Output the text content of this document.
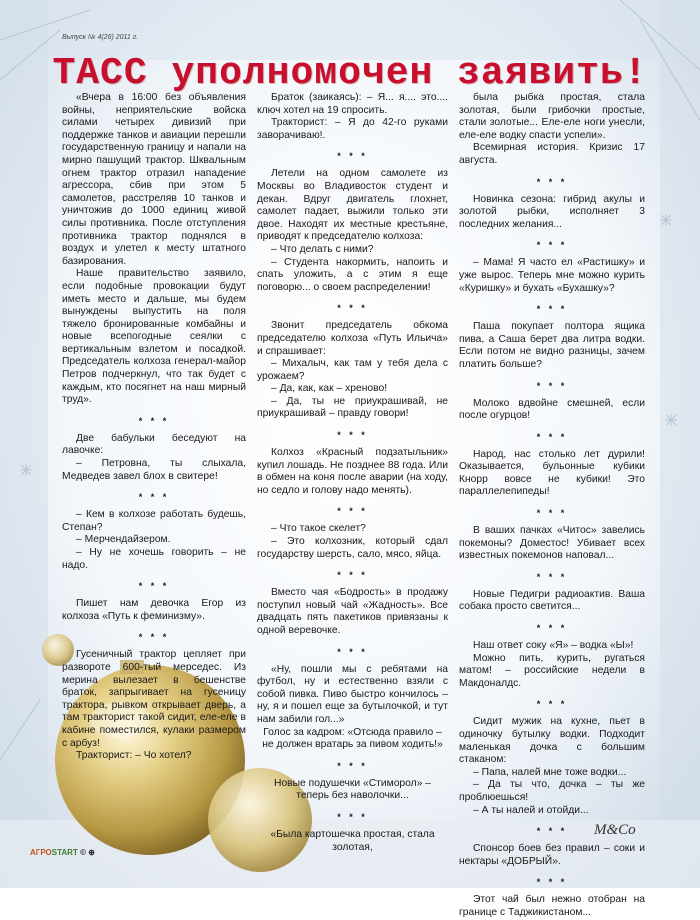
Выпуск № 4(26) 2011 г.
ТАСС уполномочен заявить!

«Вчера в 16:00 без объявления войны, неприятельские войска силами четырех дивизий при поддержке танков и авиации перешли государственную границу и напали на мирно пашущий трактор. Шквальным огнем трактор отразил нападение агрессора, сбив при этом 5 самолетов, расстреляв 10 танков и уничтожив до 1000 единиц живой силы противника. После отступления противника трактор поднялся в воздух и улетел к месту штатного базирования.

Наше правительство заявило, если подобные провокации будут иметь место и дальше, мы будем вынуждены выпустить на поля тяжело бронированные комбайны и новые всепогодные сеялки с вертикальным взлетом и посадкой. Председатель колхоза генерал-майор Петров подчеркнул, что так будет с каждым, кто посягнет на наш мирный труд».

* * *

Две бабульки беседуют на лавочке:

– Петровна, ты слыхала, Медведев завел блох в свитере!

* * *

– Кем в колхозе работать будешь, Степан?

– Мерчендайзером.

– Ну не хочешь говорить – не надо.

* * *

Пишет нам девочка Егор из колхоза «Путь к феминизму».

* * *

Гусеничный трактор цепляет при развороте 600-тый мерседес. Из мерина вылезает в бешенстве браток, запрыгивает на гусеницу трактора, рывком открывает дверь, а там тракторист такой сидит, еле-еле в кабине поместился, кулаки размером с арбуз!

Тракторист: – Чо хотел?

Браток (заикаясь): – Я... я.... это.... ключ хотел на 19 спросить.

Тракторист: – Я до 42-го руками заворачиваю!.

* * *

Летели на одном самолете из Москвы во Владивосток студент и декан. Вдруг двигатель глохнет, самолет падает, выжили только эти двое. Находят их местные крестьяне, приводят к председателю колхоза:

– Что делать с ними?

– Студента накормить, напоить и спать уложить, а с этим я еще поговорю... о своем распределении!

* * *

Звонит председатель обкома председателю колхоза «Путь Ильича» и спрашивает:

– Михалыч, как там у тебя дела с урожаем?

– Да, как, как – хреново!

– Да, ты не приукрашивай, не приукрашивай – правду говори!

* * *

Колхоз «Красный подзатыльник» купил лошадь. Не позднее 88 года. Или в обмен на коня после аварии (на ходу, но седло и голову надо менять).

* * *

– Что такое скелет?

– Это колхозник, который сдал государству шерсть, сало, мясо, яйца.

* * *

Вместо чая «Бодрость» в продажу поступил новый чай «Жадность». Все двадцать пять пакетиков привязаны к одной веревочке.

* * *

«Ну, пошли мы с ребятами на футбол, ну и естественно взяли с собой пивка. Пиво быстро кончилось – ну, я и пошел еще за бутылочкой, и тут нам забили гол...»

Голос за кадром: «Отсюда правило – не должен вратарь за пивом ходить!»

* * *

Новые подушечки «Стиморол» – теперь без наволочки...

* * *

«Была картошечка простая, стала золотая,

была рыбка простая, стала золотая, были грибочки простые, стали золотые... Еле-еле ноги унесли, еле-еле водку спасти успели».

Всемирная история. Кризис 17 августа.

* * *

Новинка сезона: гибрид акулы и золотой рыбки, исполняет 3 последних желания...

* * *

– Мама! Я часто ел «Растишку» и уже вырос. Теперь мне можно курить «Куришку» и бухать «Бухашку»?

* * *

Паша покупает полтора ящика пива, а Саша берет два литра водки. Если потом не видно разницы, зачем платить больше?

* * *

Молоко вдвойне смешней, если после огурцов!

* * *

Народ, нас столько лет дурили! Оказывается, бульонные кубики Кнорр вовсе не кубики! Это параллелепипеды!

* * *

В ваших пачках «Читос» завелись покемоны? Доместос! Убивает всех известных покемонов наповал...

* * *

Новые Педигри радиоактив. Ваша собака просто светится...

* * *

Наш ответ соку «Я» – водка «Ы»!

Можно пить, курить, ругаться матом! – российские недели в Макдоналдс.

* * *

Сидит мужик на кухне, пьет в одиночку бутылку водки. Подходит маленькая дочка с большим стаканом:

– Папа, налей мне тоже водки...

– Да ты что, дочка – ты же проблюешься!

– А ты налей и отойди...

* * *

Спонсор боев без правил – соки и нектары «ДОБРЫЙ».

* * *

Этот чай был нежно отобран на границе с Таджикистаном...

M&Co
АГРОSTART © ⊕
